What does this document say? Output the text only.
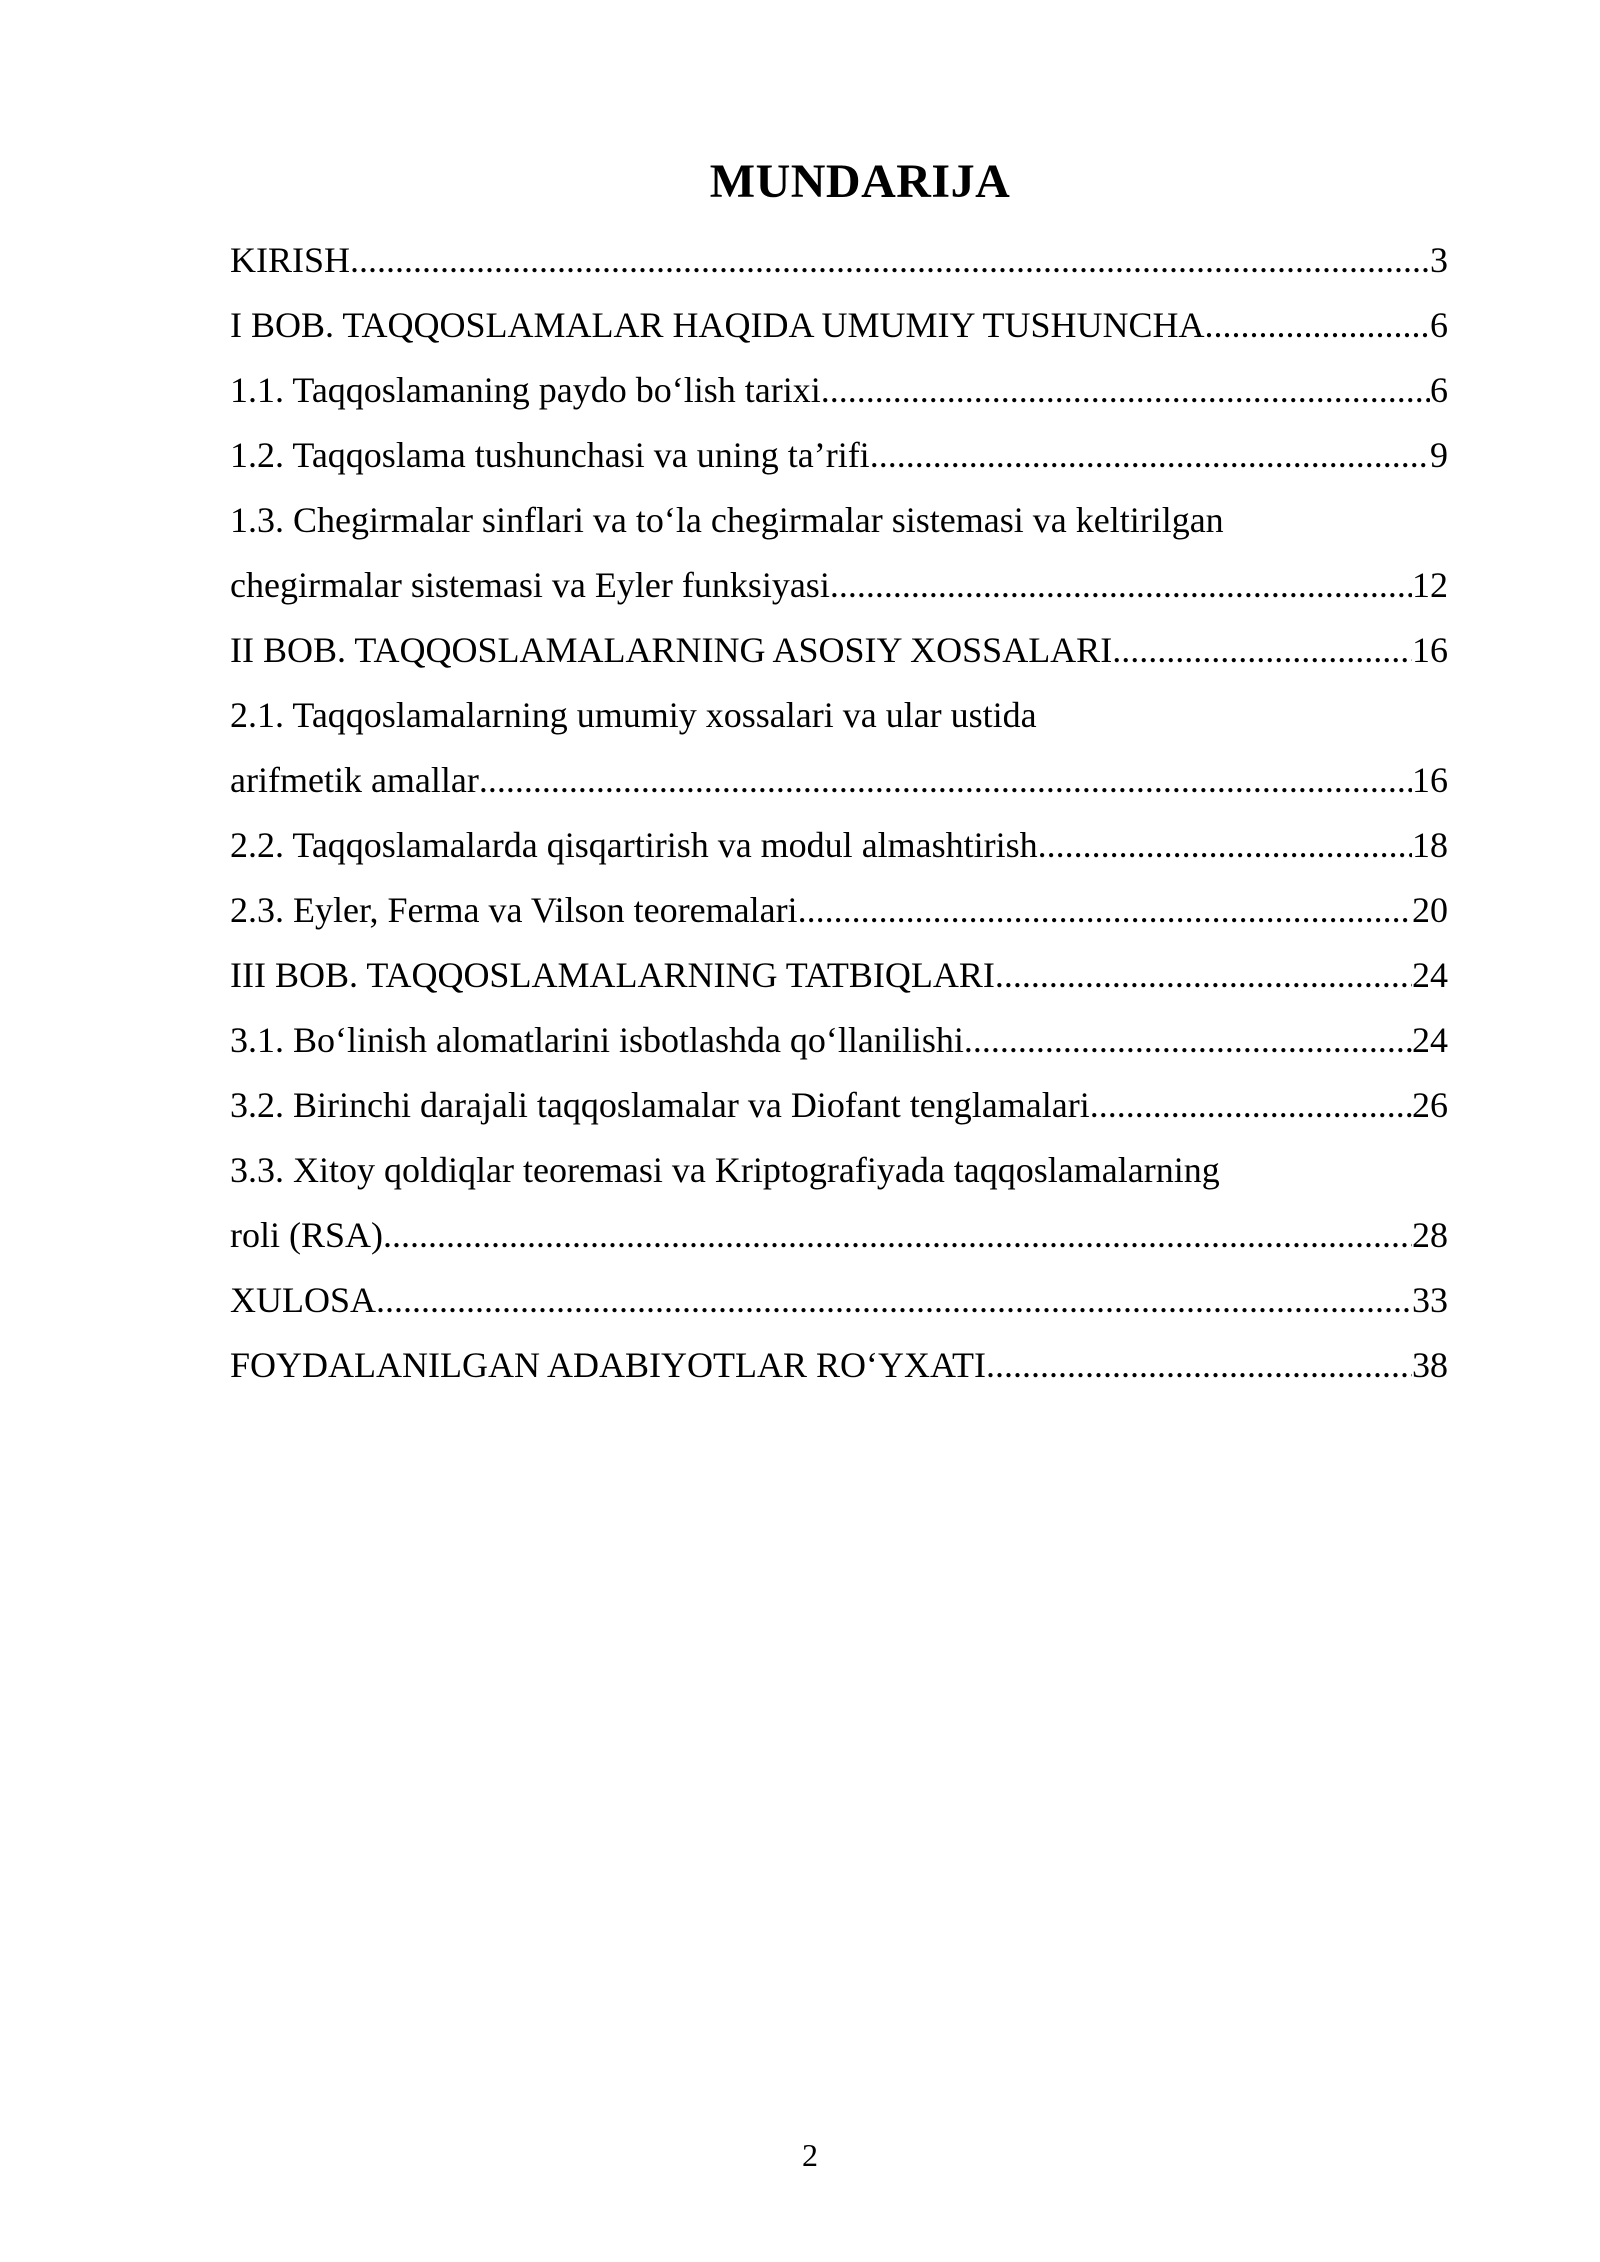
MUNDARIJA
KIRISH .....	3
I BOB. TAQQOSLAMALAR HAQIDA UMUMIY TUSHUNCHA .....	6
1.1. Taqqoslamaning paydo bo‘lish tarixi .....	6
1.2. Taqqoslama tushunchasi va uning ta’rifi .....	9
1.3. Chegirmalar sinflari va to‘la chegirmalar sistemasi va keltirilgan
chegirmalar sistemasi va Eyler funksiyasi .....	12
II BOB. TAQQOSLAMALARNING ASOSIY XOSSALARI .....	16
2.1. Taqqoslamalarning umumiy xossalari va ular ustida
arifmetik amallar .....	16
2.2. Taqqoslamalarda qisqartirish va modul almashtirish .....	18
2.3. Eyler, Ferma va Vilson teoremalari .....	20
III BOB. TAQQOSLAMALARNING TATBIQLARI .....	24
3.1. Bo‘linish alomatlarini isbotlashda qo‘llanilishi .....	24
3.2. Birinchi darajali taqqoslamalar va Diofant tenglamalari .....	26
3.3. Xitoy qoldiqlar teoremasi va Kriptografiyada taqqoslamalarning
roli (RSA) .....	28
XULOSA .....	33
FOYDALANILGAN ADABIYOTLAR RO‘YXATI .....	38
2
